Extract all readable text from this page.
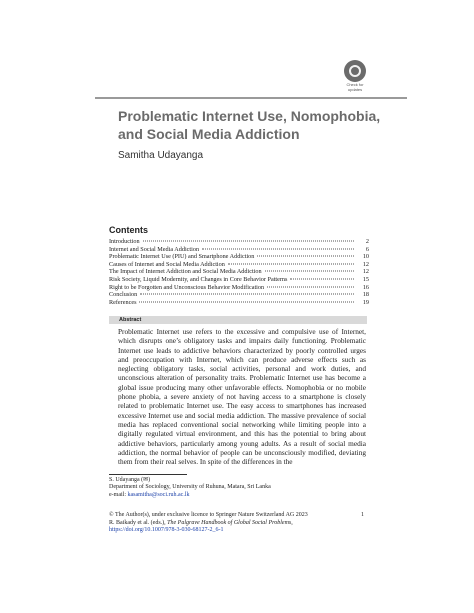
Check for
updates
Problematic Internet Use, Nomophobia, and Social Media Addiction
Samitha Udayanga
Contents
Introduction	2
Internet and Social Media Addiction	6
Problematic Internet Use (PIU) and Smartphone Addiction	10
Causes of Internet and Social Media Addiction	12
The Impact of Internet Addiction and Social Media Addiction	12
Risk Society, Liquid Modernity, and Changes in Core Behavior Patterns	15
Right to be Forgotten and Unconscious Behavior Modification	16
Conclusion	18
References	19
Abstract

Problematic Internet use refers to the excessive and compulsive use of Internet, which disrupts one’s obligatory tasks and impairs daily functioning. Problematic Internet use leads to addictive behaviors characterized by poorly controlled urges and preoccupation with Internet, which can produce adverse effects such as neglecting obligatory tasks, social activities, personal and work duties, and unconscious alteration of personality traits. Problematic Internet use has become a global issue producing many other unfavorable effects. Nomophobia or no mobile phone phobia, a severe anxiety of not having access to a smartphone is closely related to problematic Internet use. The easy access to smartphones has increased excessive Internet use and social media addiction. The massive prevalence of social media has replaced conventional social networking while limiting people into a digitally regulated virtual environment, and this has the potential to bring about addictive behaviors, particularly among young adults. As a result of social media addiction, the normal behavior of people can be unconsciously modified, deviating them from their real selves. In spite of the differences in the

S. Udayanga (✉)
Department of Sociology, University of Ruhuna, Matara, Sri Lanka
e-mail: kasamitha@soci.ruh.ac.lk
© The Author(s), under exclusive licence to Springer Nature Switzerland AG 2023
R. Baikady et al. (eds.), The Palgrave Handbook of Global Social Problems,
https://doi.org/10.1007/978-3-030-68127-2_6-1
1
